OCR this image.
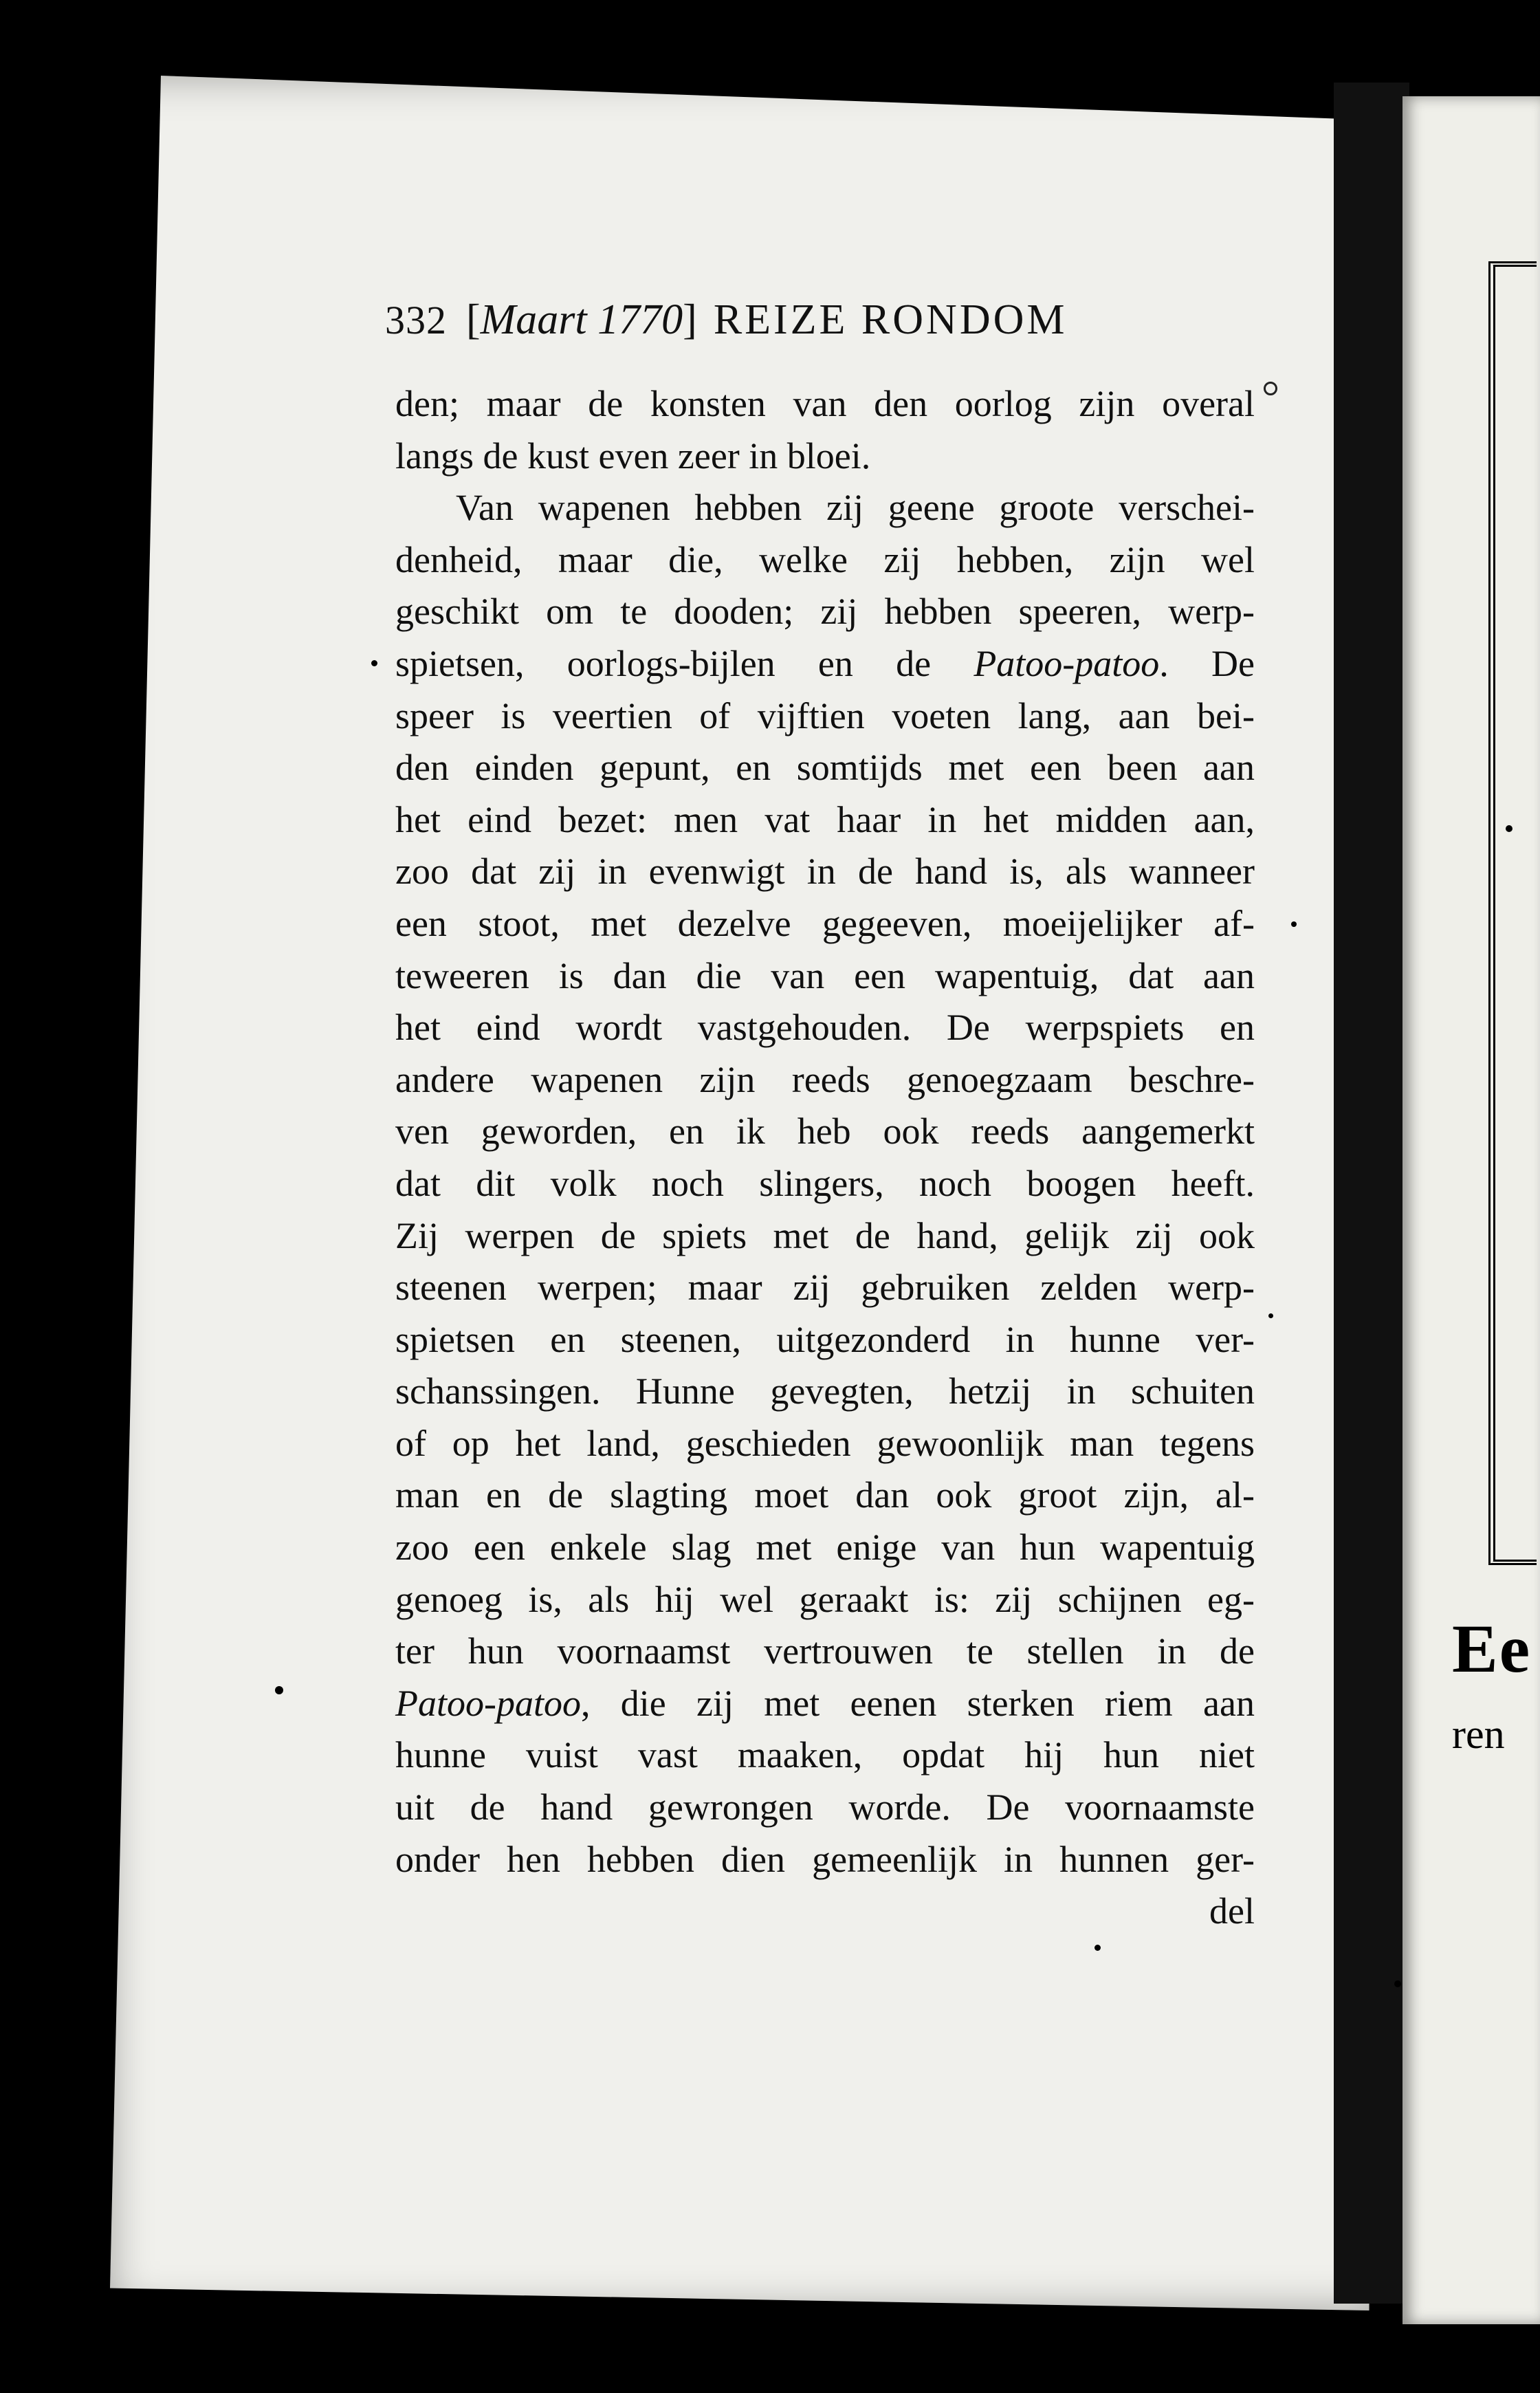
Ee
ren
332 [Maart 1770] REIZE RONDOM
den; maar de konsten van den oorlog zijn overal
langs de kust even zeer in bloei.
Van wapenen hebben zij geene groote verschei-
denheid, maar die, welke zij hebben, zijn wel
geschikt om te dooden; zij hebben speeren, werp-
spietsen, oorlogs-bijlen en de Patoo-patoo. De
speer is veertien of vijftien voeten lang, aan bei-
den einden gepunt, en somtijds met een been aan
het eind bezet: men vat haar in het midden aan,
zoo dat zij in evenwigt in de hand is, als wanneer
een stoot, met dezelve gegeeven, moeijelijker af-
teweeren is dan die van een wapentuig, dat aan
het eind wordt vastgehouden. De werpspiets en
andere wapenen zijn reeds genoegzaam beschre-
ven geworden, en ik heb ook reeds aangemerkt
dat dit volk noch slingers, noch boogen heeft.
Zij werpen de spiets met de hand, gelijk zij ook
steenen werpen; maar zij gebruiken zelden werp-
spietsen en steenen, uitgezonderd in hunne ver-
schanssingen. Hunne gevegten, hetzij in schuiten
of op het land, geschieden gewoonlijk man tegens
man en de slagting moet dan ook groot zijn, al-
zoo een enkele slag met enige van hun wapentuig
genoeg is, als hij wel geraakt is: zij schijnen eg-
ter hun voornaamst vertrouwen te stellen in de
Patoo-patoo, die zij met eenen sterken riem aan
hunne vuist vast maaken, opdat hij hun niet
uit de hand gewrongen worde. De voornaamste
onder hen hebben dien gemeenlijk in hunnen ger-
del
